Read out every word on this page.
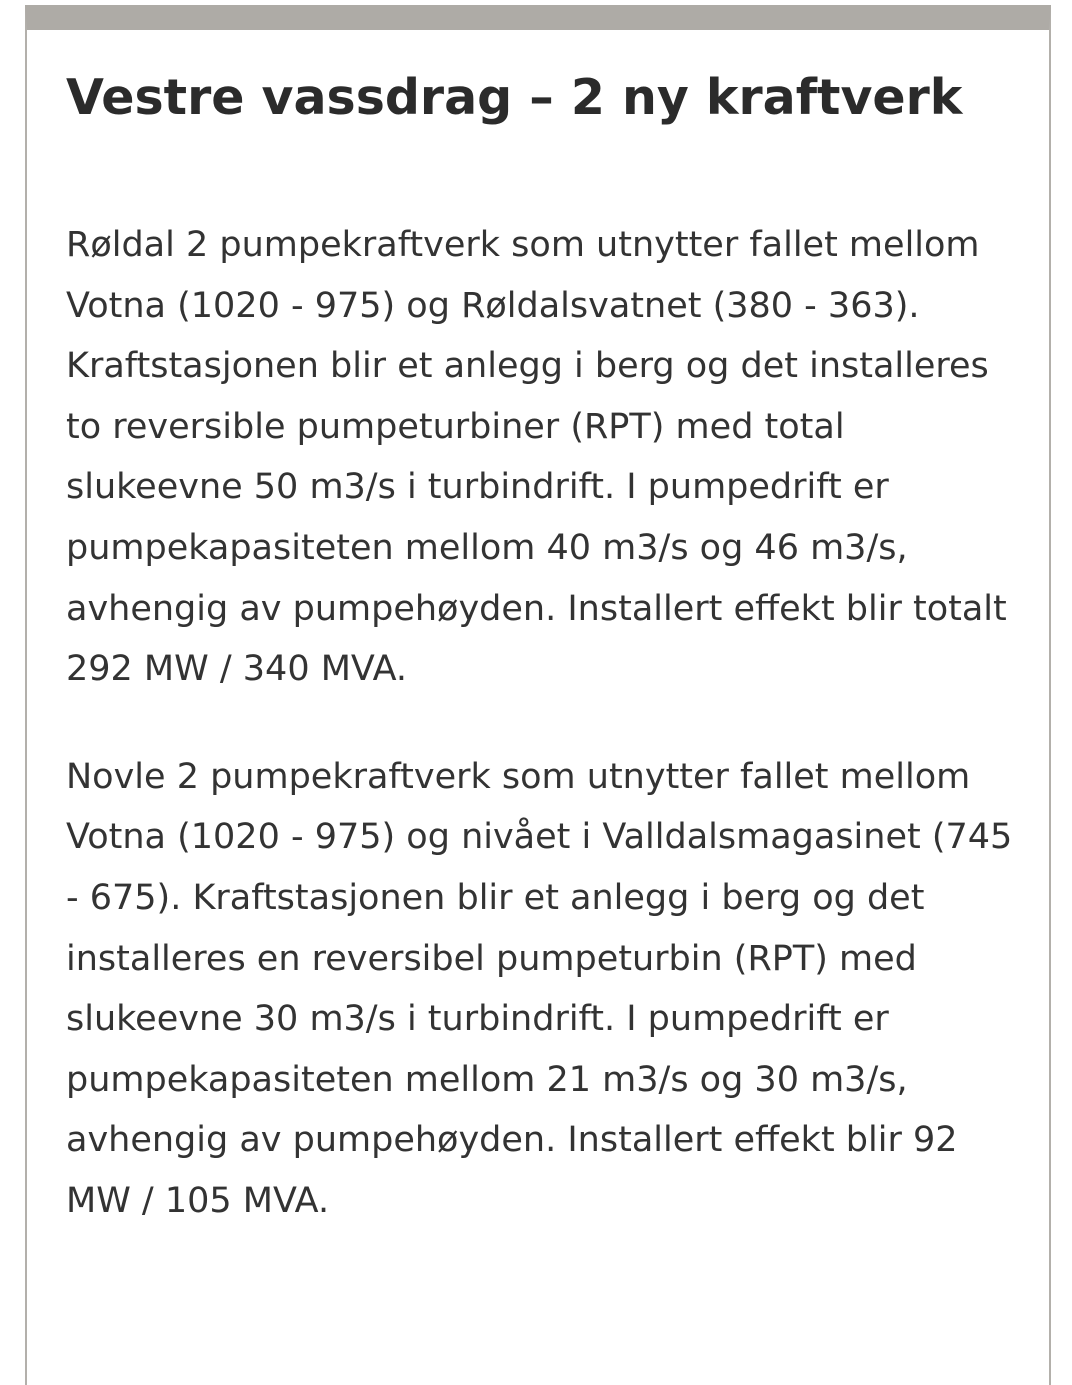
Vestre vassdrag – 2 ny kraftverk

Røldal 2 pumpekraftverk som utnytter fallet mellom Votna (1020 - 975) og Røldalsvatnet (380 - 363). Kraftstasjonen blir et anlegg i berg og det installeres to reversible pumpeturbiner (RPT) med total slukeevne 50 m3/s i turbindrift. I pumpedrift er pumpekapasiteten mellom 40 m3/s og 46 m3/s, avhengig av pumpehøyden. Installert effekt blir totalt 292 MW / 340 MVA.

Novle 2 pumpekraftverk som utnytter fallet mellom Votna (1020 - 975) og nivået i Valldalsmagasinet (745 - 675). Kraftstasjonen blir et anlegg i berg og det installeres en reversibel pumpeturbin (RPT) med slukeevne 30 m3/s i turbindrift. I pumpedrift er pumpekapasiteten mellom 21 m3/s og 30 m3/s, avhengig av pumpehøyden. Installert effekt blir 92 MW / 105 MVA.
